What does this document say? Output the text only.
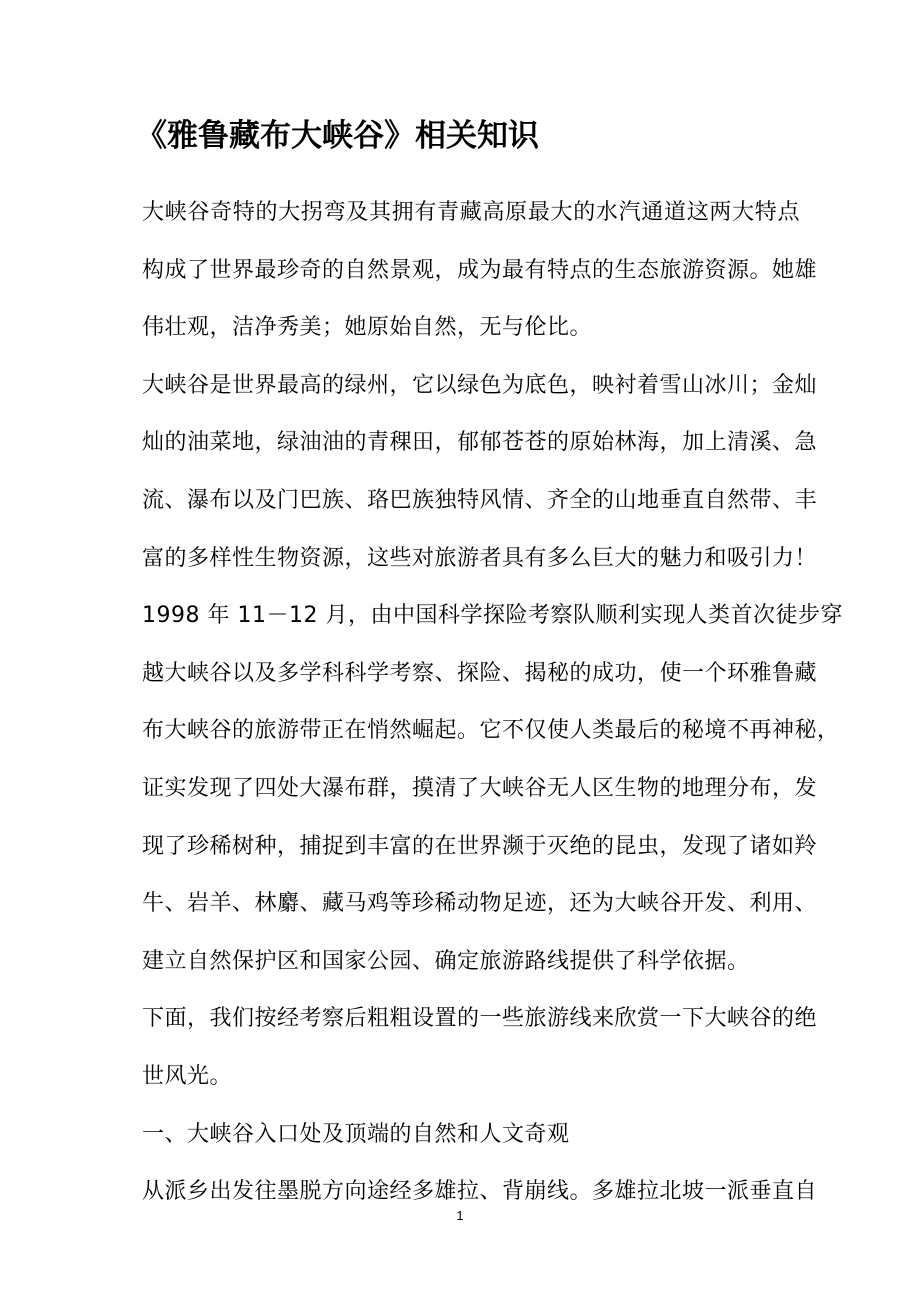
《雅鲁藏布大峡谷》相关知识

大峡谷奇特的大拐弯及其拥有青藏高原最大的水汽通道这两大特点
构成了世界最珍奇的自然景观，成为最有特点的生态旅游资源。她雄
伟壮观，洁净秀美；她原始自然，无与伦比。

大峡谷是世界最高的绿州，它以绿色为底色，映衬着雪山冰川；金灿
灿的油菜地，绿油油的青稞田，郁郁苍苍的原始林海，加上清溪、急
流、瀑布以及门巴族、珞巴族独特风情、齐全的山地垂直自然带、丰
富的多样性生物资源，这些对旅游者具有多么巨大的魅力和吸引力！

1998 年 11－12 月，由中国科学探险考察队顺利实现人类首次徒步穿
越大峡谷以及多学科科学考察、探险、揭秘的成功，使一个环雅鲁藏
布大峡谷的旅游带正在悄然崛起。它不仅使人类最后的秘境不再神秘，
证实发现了四处大瀑布群，摸清了大峡谷无人区生物的地理分布，发
现了珍稀树种，捕捉到丰富的在世界濒于灭绝的昆虫，发现了诸如羚
牛、岩羊、林麝、藏马鸡等珍稀动物足迹，还为大峡谷开发、利用、
建立自然保护区和国家公园、确定旅游路线提供了科学依据。

下面，我们按经考察后粗粗设置的一些旅游线来欣赏一下大峡谷的绝
世风光。

一、大峡谷入口处及顶端的自然和人文奇观

从派乡出发往墨脱方向途经多雄拉、背崩线。多雄拉北坡一派垂直自

1
